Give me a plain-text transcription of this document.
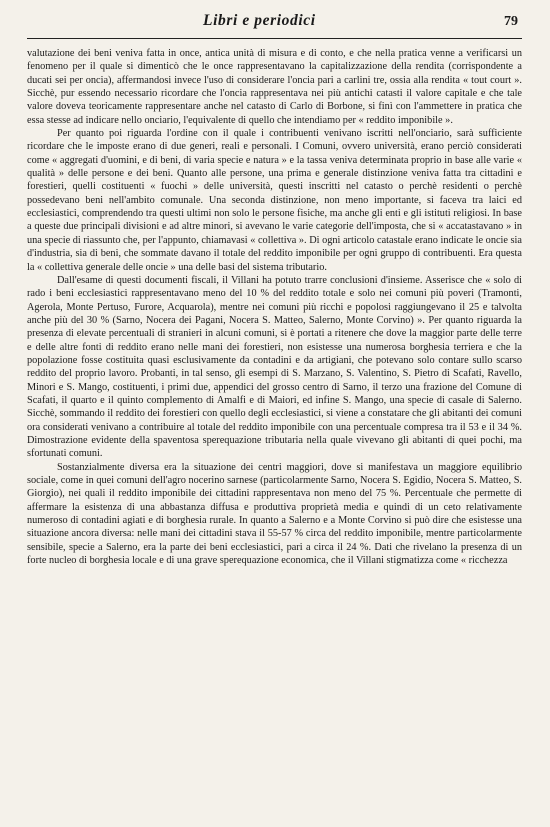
Libri e periodici	79

valutazione dei beni veniva fatta in once, antica unità di misura e di conto, e che nella pratica venne a verificarsi un fenomeno per il quale si dimenticò che le once rappresentavano la capitalizzazione della rendita (corrispondente a ducati sei per oncia), affermandosi invece l'uso di considerare l'oncia pari a carlini tre, ossia alla rendita « tout court ». Sicchè, pur essendo necessario ricordare che l'oncia rappresentava nei più antichi catasti il valore capitale e che tale valore doveva teoricamente rappresentare anche nel catasto di Carlo di Borbone, si finì con l'ammettere in pratica che essa stesse ad indicare nello onciario, l'equivalente di quello che intendiamo per « reddito imponibile ».

Per quanto poi riguarda l'ordine con il quale i contribuenti venivano iscritti nell'onciario, sarà sufficiente ricordare che le imposte erano di due generi, reali e personali. I Comuni, ovvero università, erano perciò considerati come « aggregati d'uomini, e di beni, di varia specie e natura » e la tassa veniva determinata proprio in base alle varie « qualità » delle persone e dei beni. Quanto alle persone, una prima e generale distinzione veniva fatta tra cittadini e forestieri, quelli costituenti « fuochi » delle università, questi inscritti nel catasto o perchè residenti o perchè possedevano beni nell'ambito comunale. Una seconda distinzione, non meno importante, si faceva tra laici ed ecclesiastici, comprendendo tra questi ultimi non solo le persone fisiche, ma anche gli enti e gli istituti religiosi. In base a queste due principali divisioni e ad altre minori, si avevano le varie categorie dell'imposta, che si « accatastavano » in una specie di riassunto che, per l'appunto, chiamavasi « collettiva ». Di ogni articolo catastale erano indicate le oncie sia d'industria, sia di beni, che sommate davano il totale del reddito imponibile per ogni gruppo di contribuenti. Era questa la « collettiva generale delle oncie » una delle basi del sistema tributario.

Dall'esame di questi documenti fiscali, il Villani ha potuto trarre conclusioni d'insieme. Asserisce che « solo di rado i beni ecclesiastici rappresentavano meno del 10 % del reddito totale e solo nei comuni più poveri (Tramonti, Agerola, Monte Pertuso, Furore, Acquarola), mentre nei comuni più ricchi e popolosi raggiungevano il 25 e talvolta anche più del 30 % (Sarno, Nocera dei Pagani, Nocera S. Matteo, Salerno, Monte Corvino) ». Per quanto riguarda la presenza di elevate percentuali di stranieri in alcuni comuni, si è portati a ritenere che dove la maggior parte delle terre e delle altre fonti di reddito erano nelle mani dei forestieri, non esistesse una numerosa borghesia terriera e che la popolazione fosse costituita quasi esclusivamente da contadini e da artigiani, che potevano solo contare sullo scarso reddito del proprio lavoro. Probanti, in tal senso, gli esempi di S. Marzano, S. Valentino, S. Pietro di Scafati, Ravello, Minori e S. Mango, costituenti, i primi due, appendici del grosso centro di Sarno, il terzo una frazione del Comune di Scafati, il quarto e il quinto complemento di Amalfi e di Maiori, ed infine S. Mango, una specie di casale di Salerno. Sicchè, sommando il reddito dei forestieri con quello degli ecclesiastici, si viene a constatare che gli abitanti dei comuni ora considerati venivano a contribuire al totale del reddito imponibile con una percentuale compresa tra il 53 e il 34 %. Dimostrazione evidente della spaventosa sperequazione tributaria nella quale vivevano gli abitanti di quei pochi, ma sfortunati comuni.

Sostanzialmente diversa era la situazione dei centri maggiori, dove si manifestava un maggiore equilibrio sociale, come in quei comuni dell'agro nocerino sarnese (particolarmente Sarno, Nocera S. Egidio, Nocera S. Matteo, S. Giorgio), nei quali il reddito imponibile dei cittadini rappresentava non meno del 75 %. Percentuale che permette di affermare la esistenza di una abbastanza diffusa e produttiva proprietà media e quindi di un ceto relativamente numeroso di contadini agiati e di borghesia rurale. In quanto a Salerno e a Monte Corvino si può dire che esistesse una situazione ancora diversa: nelle mani dei cittadini stava il 55-57 % circa del reddito imponibile, mentre particolarmente sensibile, specie a Salerno, era la parte dei beni ecclesiastici, pari a circa il 24 %. Dati che rivelano la presenza di un forte nucleo di borghesia locale e di una grave sperequazione economica, che il Villani stigmatizza come « ricchezza
